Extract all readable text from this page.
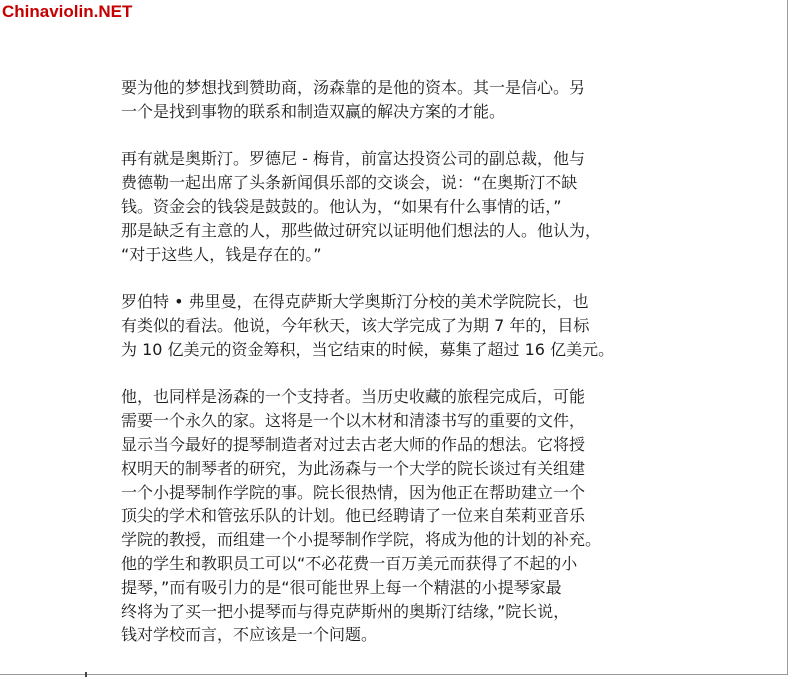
Chinaviolin.NET

要为他的梦想找到赞助商，汤森靠的是他的资本。其一是信心。另
一个是找到事物的联系和制造双赢的解决方案的才能。

再有就是奥斯汀。罗德尼 - 梅肯，前富达投资公司的副总裁，他与
费德勒一起出席了头条新闻俱乐部的交谈会，说：“在奥斯汀不缺
钱。资金会的钱袋是鼓鼓的。他认为，“如果有什么事情的话，”
那是缺乏有主意的人，那些做过研究以证明他们想法的人。他认为，
“对于这些人，钱是存在的。”

罗伯特 • 弗里曼，在得克萨斯大学奥斯汀分校的美术学院院长，也
有类似的看法。他说，今年秋天，该大学完成了为期 7 年的，目标
为 10 亿美元的资金筹积，当它结束的时候，募集了超过 16 亿美元。

他，也同样是汤森的一个支持者。当历史收藏的旅程完成后，可能
需要一个永久的家。这将是一个以木材和清漆书写的重要的文件，
显示当今最好的提琴制造者对过去古老大师的作品的想法。它将授
权明天的制琴者的研究，为此汤森与一个大学的院长谈过有关组建
一个小提琴制作学院的事。院长很热情，因为他正在帮助建立一个
顶尖的学术和管弦乐队的计划。他已经聘请了一位来自茱莉亚音乐
学院的教授，而组建一个小提琴制作学院，将成为他的计划的补充。
他的学生和教职员工可以“不必花费一百万美元而获得了不起的小
提琴，”而有吸引力的是“很可能世界上每一个精湛的小提琴家最
终将为了买一把小提琴而与得克萨斯州的奥斯汀结缘，”院长说，
钱对学校而言，不应该是一个问题。
